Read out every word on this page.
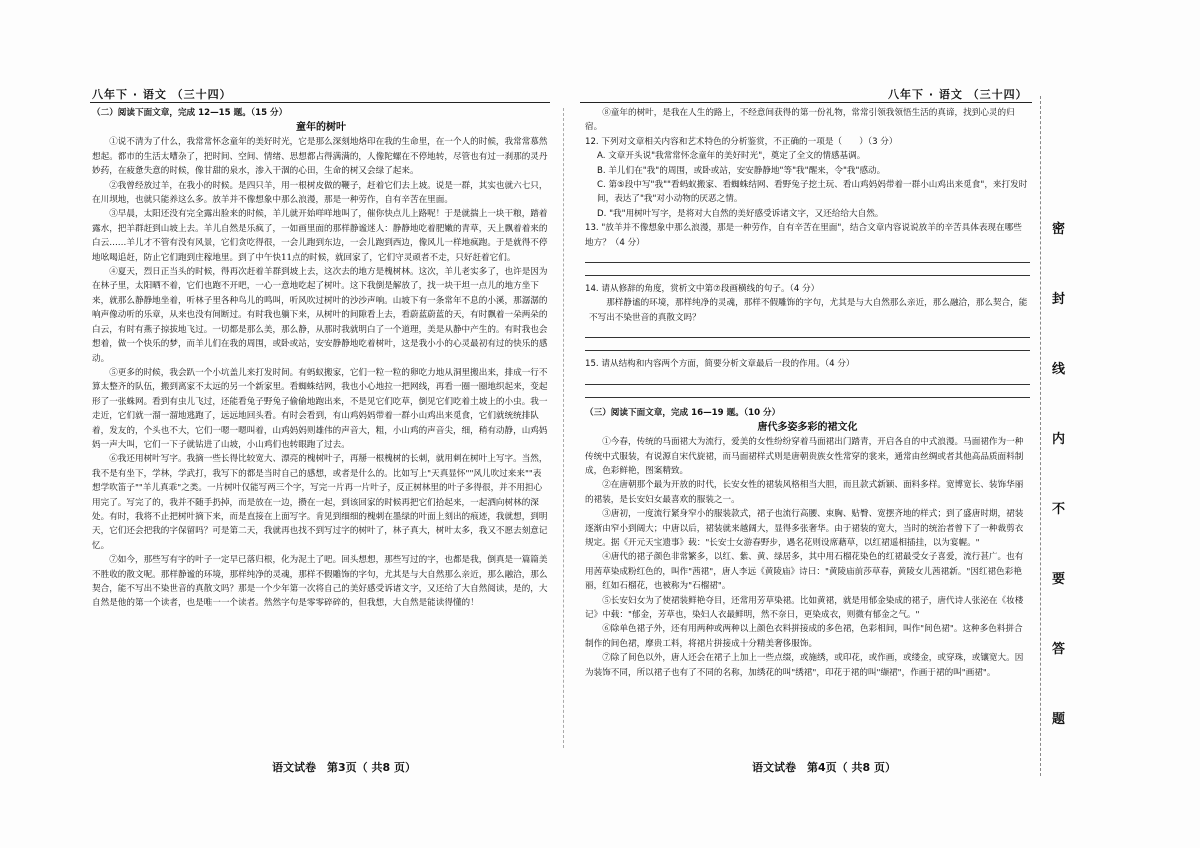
八年下 · 语文 （三十四）	八年下 · 语文 （三十四）
密
封
线
内
不
要
答
题

（二）阅读下面文章，完成 12—15 题。（15 分）

童年的树叶

①说不清为了什么，我常常怀念童年的美好时光，它是那么深刻地烙印在我的生命里，在一个人的时候，我常常慕然想起。都市的生活太嘈杂了，把时间、空间、情绪、思想都占得满满的，人像陀螺在不停地转，尽管也有过一刹那的灵丹妙药，在疲惫失意的时候，像甘甜的泉水，渗入干涸的心田，生命的树又会绿了起来。

②我曾经放过羊，在我小的时候。是四只羊，用一根树皮做的鞭子，赶着它们去上坡。说是一群，其实也就六七只，在川坝地，也就只能养这么多。放羊并不像想象中那么浪漫，那是一种劳作，自有辛苦在里面。

③早晨，太阳还没有完全露出脸来的时候，羊儿就开始咩咩地叫了，催你快点儿上路呢！于是就揣上一块干粮，踏着露水，把羊群赶到山坡上去。羊儿自然是乐疯了，一如画里面的那样静谧迷人：静静地吃着肥嫩的青草，天上飘着着来的白云……羊儿才不管有没有风景，它们贪吃得很，一会儿跑到东边，一会儿跑到西边，像风儿一样地疯跑。于是就得不停地吆喝追赶，防止它们跑到庄稼地里。到了中午快11点的时候，就回家了，它们守灵顽者不走，只好赶着它们。

④夏天，烈日正当头的时候，得再次赶着羊群到坡上去，这次去的地方是槐树林。这次，羊儿老实多了，也许是因为在林子里，太阳晒不着，它们也跑不开吧，一心一意地吃起了树叶。这下我倒是解放了，找一块干坦一点儿的地方坐下来，就那么静静地坐着，听林子里各种鸟儿的鸣叫，听风吹过树叶的沙沙声响。山坡下有一条常年不息的小溪，那潺潺的响声像动听的乐章，从来也没有间断过。有时我也躺下来，从树叶的间隙看上去，看蔚蓝蔚蓝的天，有时飘着一朵两朵的白云，有时有燕子掠拔地飞过。一切都是那么美，那么静，从那时我就明白了一个道理，美是从静中产生的。有时我也会想着，做一个快乐的梦，而羊儿们在我的周围，或卧或站，安安静静地吃着树叶，这是我小小的心灵最初有过的快乐的感动。

⑤更多的时候，我会趴一个小坑盖儿来打发时间。有蚂蚁搬家，它们一粒一粒的卵吃力地从洞里搬出来，排成一行不算太整齐的队伍，搬到离家不太远的另一个新家里。看蜘蛛结网，我也小心地拉一把网线，再看一圈一圈地织起来，变起形了一张蛛网。看到有虫儿飞过，还能看兔子野兔子偷偷地跑出来，不是见它们吃草，倒见它们吃着土坡上的小虫。我一走近，它们就一溜一溜地逃跑了，远远地回头看。有时会看到，有山鸡妈妈带着一群小山鸡出来觅食，它们就统统排队着，发友的，个头也不大，它们一嗯一嗯叫着，山鸡妈妈则雄伟的声音大，粗，小山鸡的声音尖，细，稍有动静，山鸡妈妈一声大叫，它们一下子就钻进了山坡，小山鸡们也转眼跑了过去。

⑥我还用树叶写字。我摘一些长得比较宽大、漂亮的槐树叶子，再掰一根槐树的长刺，就用刺在树叶上写字。当然，我不是有坐下，学林，学武打，我写下的都是当时自己的感想，或者是什么的。比如写上"天真显怀""风儿吹过来来""表想学吹笛子""羊儿真乖"之类。一片树叶仅能写两三个字，写完一片再一片叶子，反正树林里的叶子多得很，并不用担心用完了。写完了的，我并不随手扔掉，而是放在一边，攒在一起，到该回家的时候再把它们拾起来，一起洒向树林的深处。有时，我将不止把树叶摘下来，而是直接在上面写字。肯见到细细的槐刺在墨绿的叶面上刻出的痕迹，我就想，到明天，它们还会把我的字保留吗？可是第二天，我就再也找不到写过字的树叶了，林子真大，树叶太多，我又不愿去刻意记忆。

⑦如今，那些写有字的叶子一定早已落归根，化为泥土了吧。回头想想，那些写过的字，也都是我，倒真是一篇篇美不胜收的散文呢。那样静谧的环境，那样纯净的灵魂，那样不假雕饰的字句，尤其是与大自然那么亲近，那么融洽，那么契合，能不写出不染世音的真散文吗？那是一个少年第一次将自己的美好感受诉诸文字，又还给了大自然阅读，是的，大自然是他的第一个读者，也是唯一一个读者。然然字句是零零碎碎的，但我想，大自然是能读得懂的！

语文试卷　第3页（ 共8 页）

⑧童年的树叶，是我在人生的路上，不经意间获得的第一份礼物，常常引领我领悟生活的真谛，找到心灵的归宿。

12. 下列对文章相关内容和艺术特色的分析鉴赏，不正确的一项是（　　）（3 分）

A. 文章开头说"我常常怀念童年的美好时光"，奠定了全文的情感基调。

B. 羊儿们在"我"的周围，或卧或站，安安静静地"等"我"醒来，令"我"感动。

C. 第⑤段中写"我""看蚂蚁搬家、看蜘蛛结网、看野兔子挖土玩、看山鸡妈妈带着一群小山鸡出来觅食"，来打发时间，表达了"我"对小动物的厌恶之情。

D. "我"用树叶写字，是将对大自然的美好感受诉诸文字，又还给给大自然。

13. "放羊并不像想象中那么浪漫，那是一种劳作，自有辛苦在里面"，结合文章内容说说放羊的辛苦具体表现在哪些地方？（4 分）

14. 请从修辞的角度，赏析文中第⑦段画横线的句子。（4 分）

那样静谧的环境，那样纯净的灵魂，那样不假雕饰的字句，尤其是与大自然那么亲近，那么融洽，那么契合，能不写出不染世音的真散文吗？

15. 请从结构和内容两个方面，简要分析文章最后一段的作用。（4 分）

（三）阅读下面文章，完成 16—19 题。（10 分）

唐代多姿多彩的裙文化

①今春，传统的马面裙大为流行，爱美的女性纷纷穿着马面裙出门踏青，开启各自的中式浪漫。马面裙作为一种传统中式服装，有说源自宋代旋裙，而马面裙样式则是唐朝贵族女性常穿的裳来，通常由丝绸或者其他高品质面料制成，色彩鲜艳，图案精致。

②在唐朝那个最为开放的时代，长安女性的裙装风格相当大胆，而且款式新颖、面料多样。宽博宽长、装饰华丽的裙装，是长安妇女最喜欢的服装之一。

③唐初，一度流行紧身窄小的服装款式，裙子也流行高腰、束胸、贴臀、宽摆齐地的样式；到了盛唐时期，裙装逐渐由窄小到阔大；中唐以后，裙装就来越阔大，显得多张奢华。由于裙装的宽大，当时的统治者曾下了一种裁剪衣规定。据《开元天宝遗事》载："长安士女游春野步，遇名花则设席藉草，以红裙遥相插挂，以为宴幄。"

④唐代的裙子颜色非常繁多，以红、紫、黄、绿居多，其中用石榴花染色的红裙最受女子喜爱，流行甚广。也有用茜草染成粉红色的，叫作"茜裙"，唐人李远《黄陵庙》诗曰："黄陵庙前莎草春，黄陵女儿茜裙新。"因红裙色彩艳丽，红如石榴花，也被称为"石榴裙"。

⑤长安妇女为了使裙装鲜艳夺目，还常用芳草染裙。比如黄裙，就是用郁金染成的裙子，唐代诗人张泌在《妆楼记》中载："郁金，芳草也，染妇人衣最鲜明，然不奈日，更染成衣，则微有郁金之气。"

⑥除单色裙子外，还有用两种或两种以上颜色衣料拼接成的多色裙，色彩相间，叫作"间色裙"。这种多色料拼合制作的间色裙，摩贵工料，将裙片拼接成十分精美奢侈服饰。

⑦除了间色以外，唐人还会在裙子上加上一些点缀，或施绣，或印花，或作画，或缕金，或穿珠，或镶宽大。因为装饰不同，所以裙子也有了不同的名称，加绣花的叫"绣裙"，印花于裙的叫"缬裙"，作画于裙的叫"画裙"。

语文试卷　第4页（ 共8 页）
